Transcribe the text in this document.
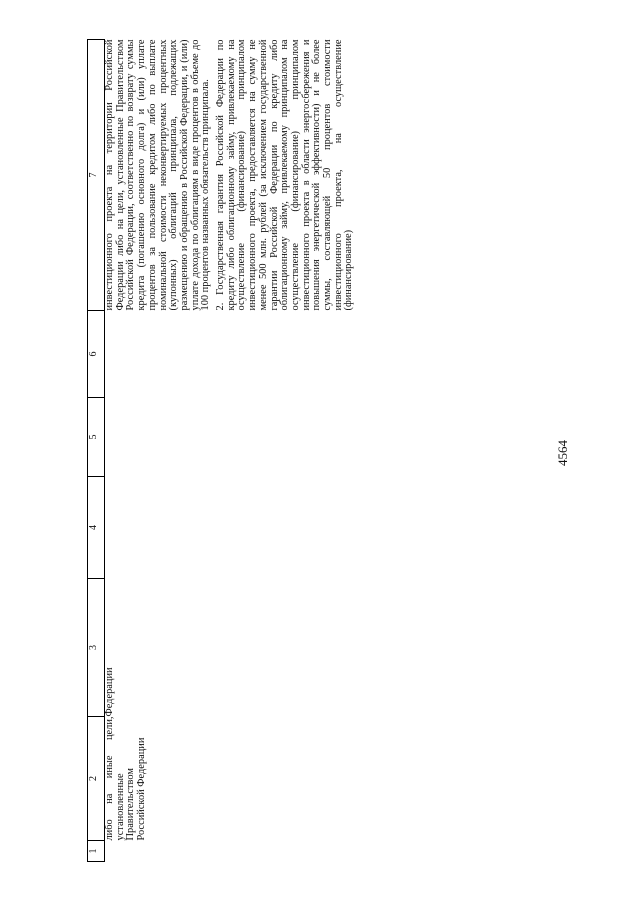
4564
1	2	3	4	5	6	7
	либо на иные цели, установленные Правительством Российской Федерации	Федерации				инвестиционного проекта на территории Российской Федерации либо на цели, установленные Правительством Российской Федерации, соответственно по возврату суммы кредита (погашению основного долга) и (или) уплате процентов за пользование кредитом либо по выплате номинальной стоимости неконвертируемых процентных (купонных) облигаций принципала, подлежащих размещению и обращению в Российской Федерации, и (или) уплате дохода по облигациям в виде процентов в объеме до 100 процентов названных обязательств принципала. 2. Государственная гарантия Российской Федерации по кредиту либо облигационному займу, привлекаемому на осуществление (финансирование) принципалом инвестиционного проекта, предоставляется на сумму не менее 500 млн. рублей (за исключением государственной гарантии Российской Федерации по кредиту либо облигационному займу, привлекаемому принципалом на осуществление (финансирование) принципалом инвестиционного проекта в области энергосбережения и повышения энергетической эффективности) и не более суммы, составляющей 50 процентов стоимости инвестиционного проекта, на осуществление (финансирование)
